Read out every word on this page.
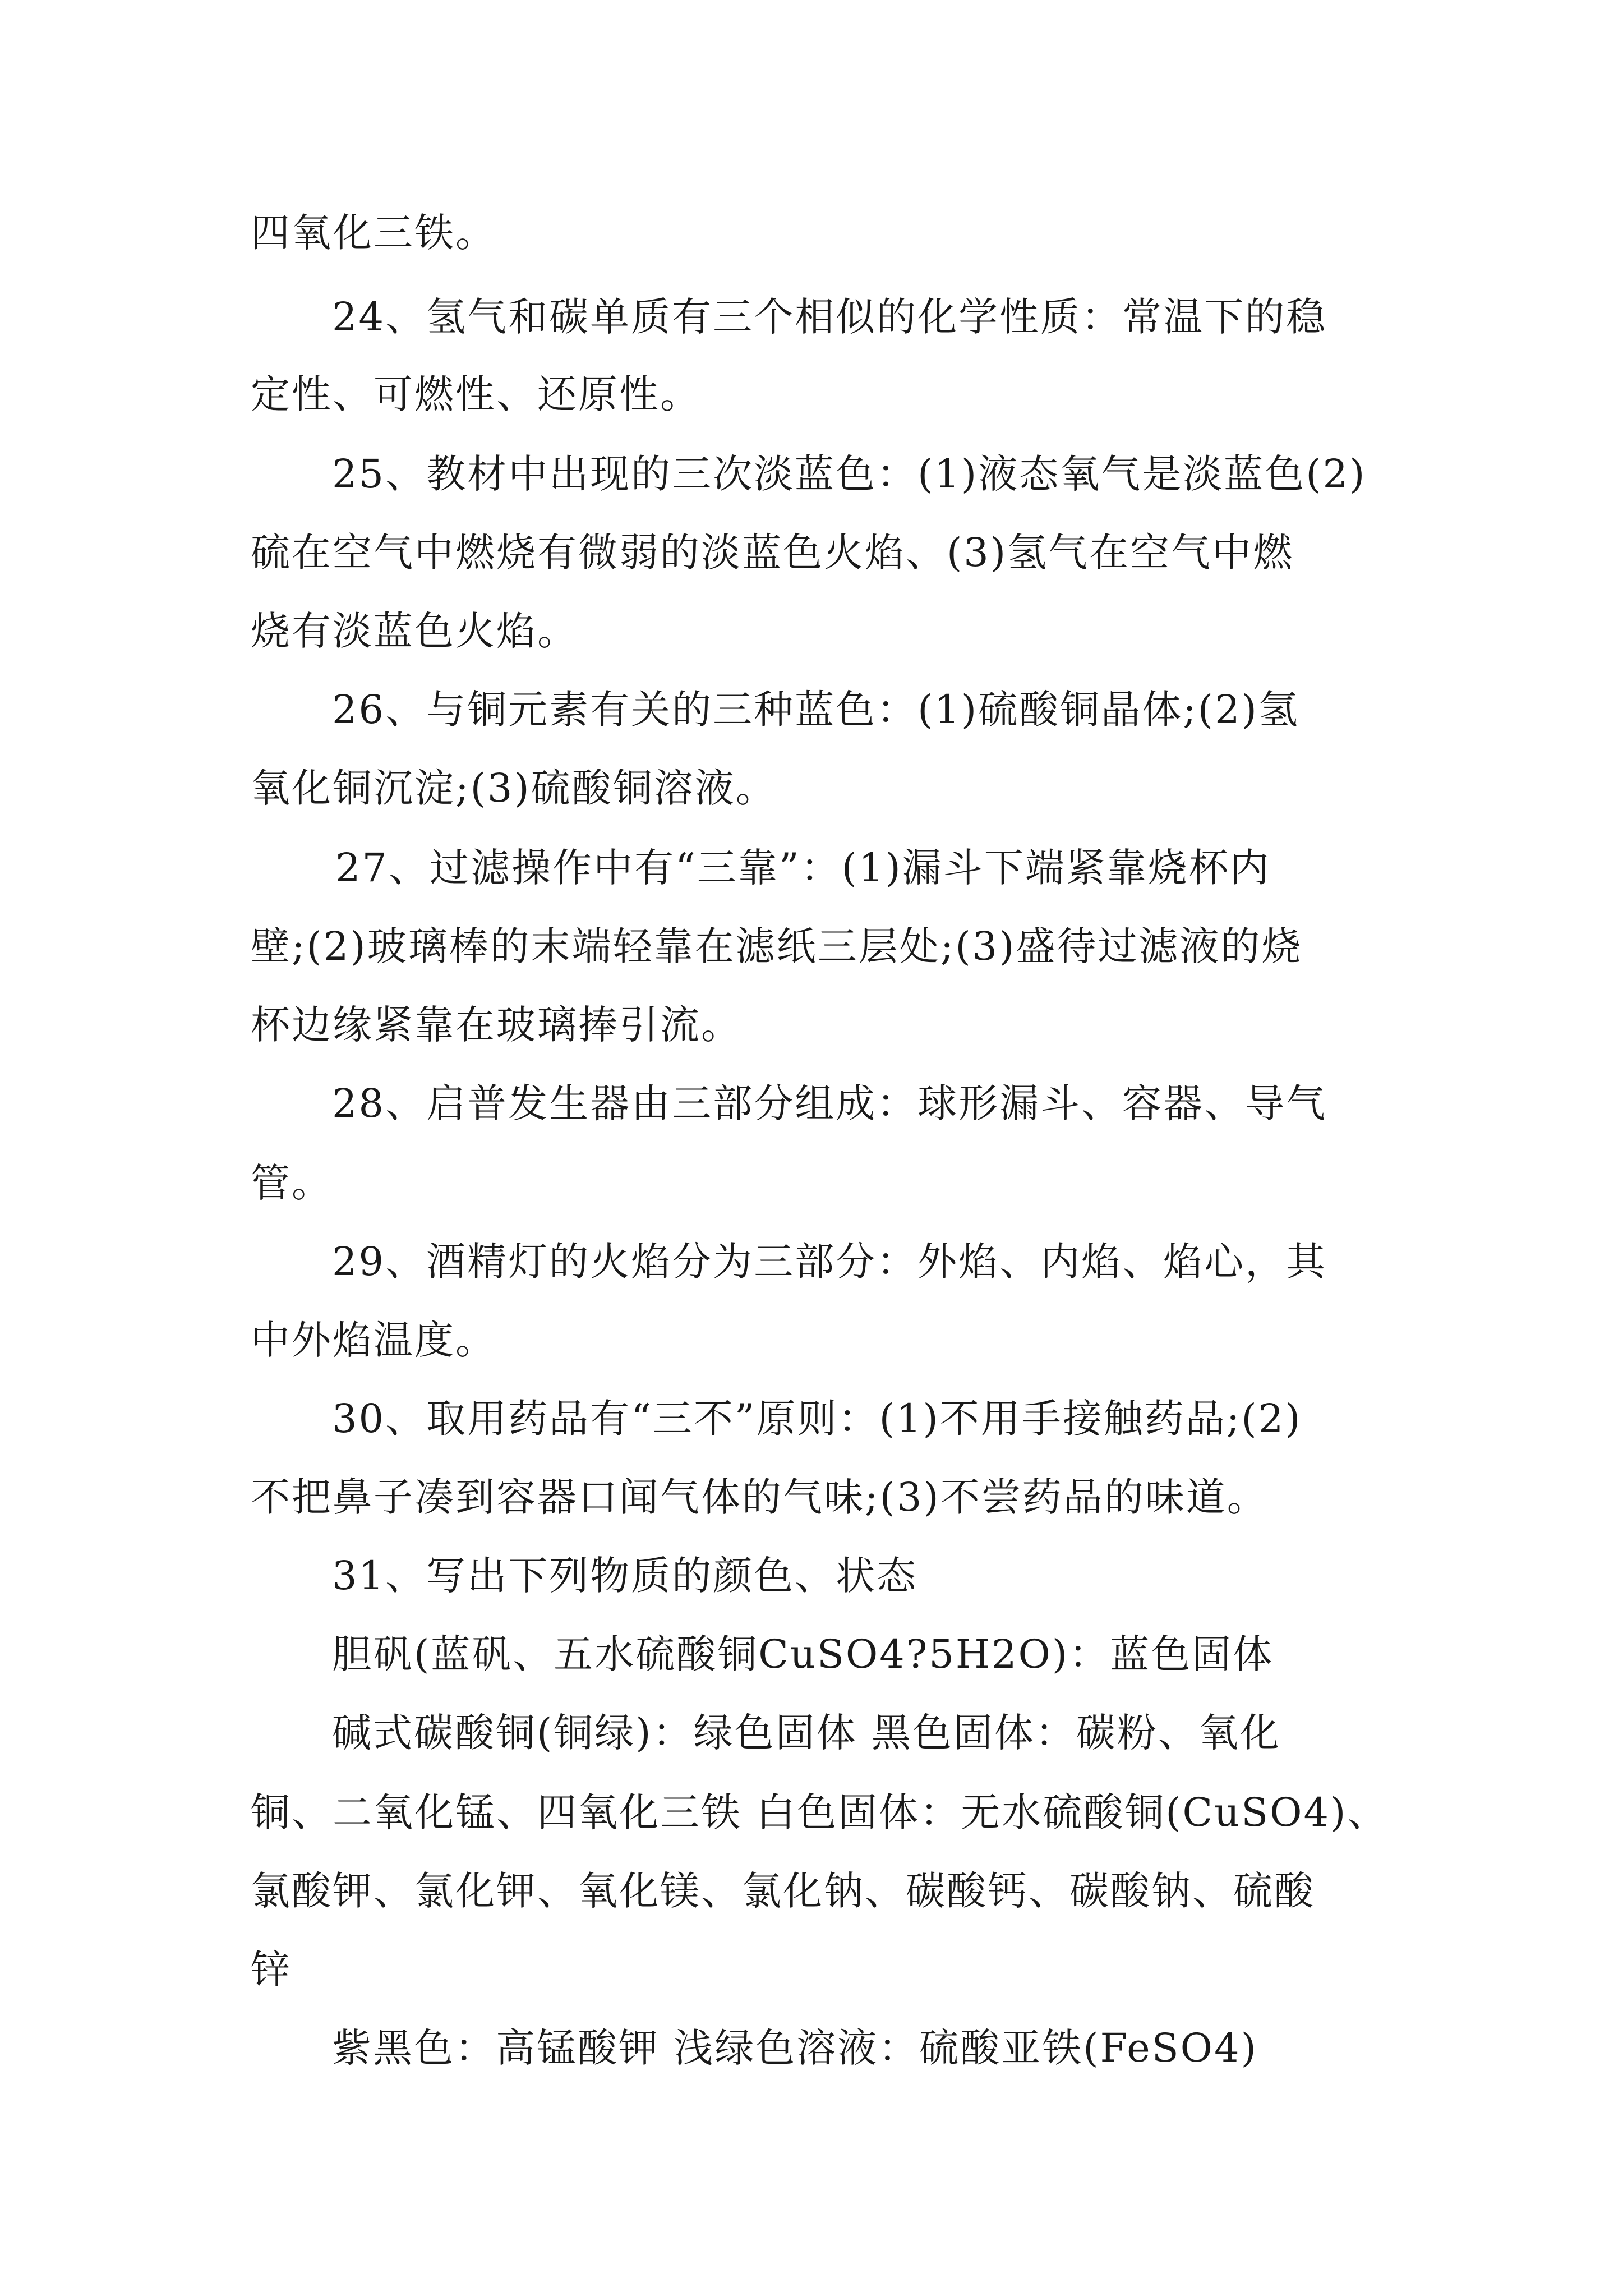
四氧化三铁。

24、氢气和碳单质有三个相似的化学性质：常温下的稳

定性、可燃性、还原性。

25、教材中出现的三次淡蓝色：(1)液态氧气是淡蓝色(2)

硫在空气中燃烧有微弱的淡蓝色火焰、(3)氢气在空气中燃

烧有淡蓝色火焰。

26、与铜元素有关的三种蓝色：(1)硫酸铜晶体;(2)氢

氧化铜沉淀;(3)硫酸铜溶液。

27、过滤操作中有“三靠”：(1)漏斗下端紧靠烧杯内

壁;(2)玻璃棒的末端轻靠在滤纸三层处;(3)盛待过滤液的烧

杯边缘紧靠在玻璃捧引流。

28、启普发生器由三部分组成：球形漏斗、容器、导气

管。

29、酒精灯的火焰分为三部分：外焰、内焰、焰心，其

中外焰温度。

30、取用药品有“三不”原则：(1)不用手接触药品;(2)

不把鼻子凑到容器口闻气体的气味;(3)不尝药品的味道。

31、写出下列物质的颜色、状态

胆矾(蓝矾、五水硫酸铜CuSO4?5H2O)：蓝色固体

碱式碳酸铜(铜绿)：绿色固体 黑色固体：碳粉、氧化

铜、二氧化锰、四氧化三铁 白色固体：无水硫酸铜(CuSO4)、

氯酸钾、氯化钾、氧化镁、氯化钠、碳酸钙、碳酸钠、硫酸

锌

紫黑色：高锰酸钾 浅绿色溶液：硫酸亚铁(FeSO4)
